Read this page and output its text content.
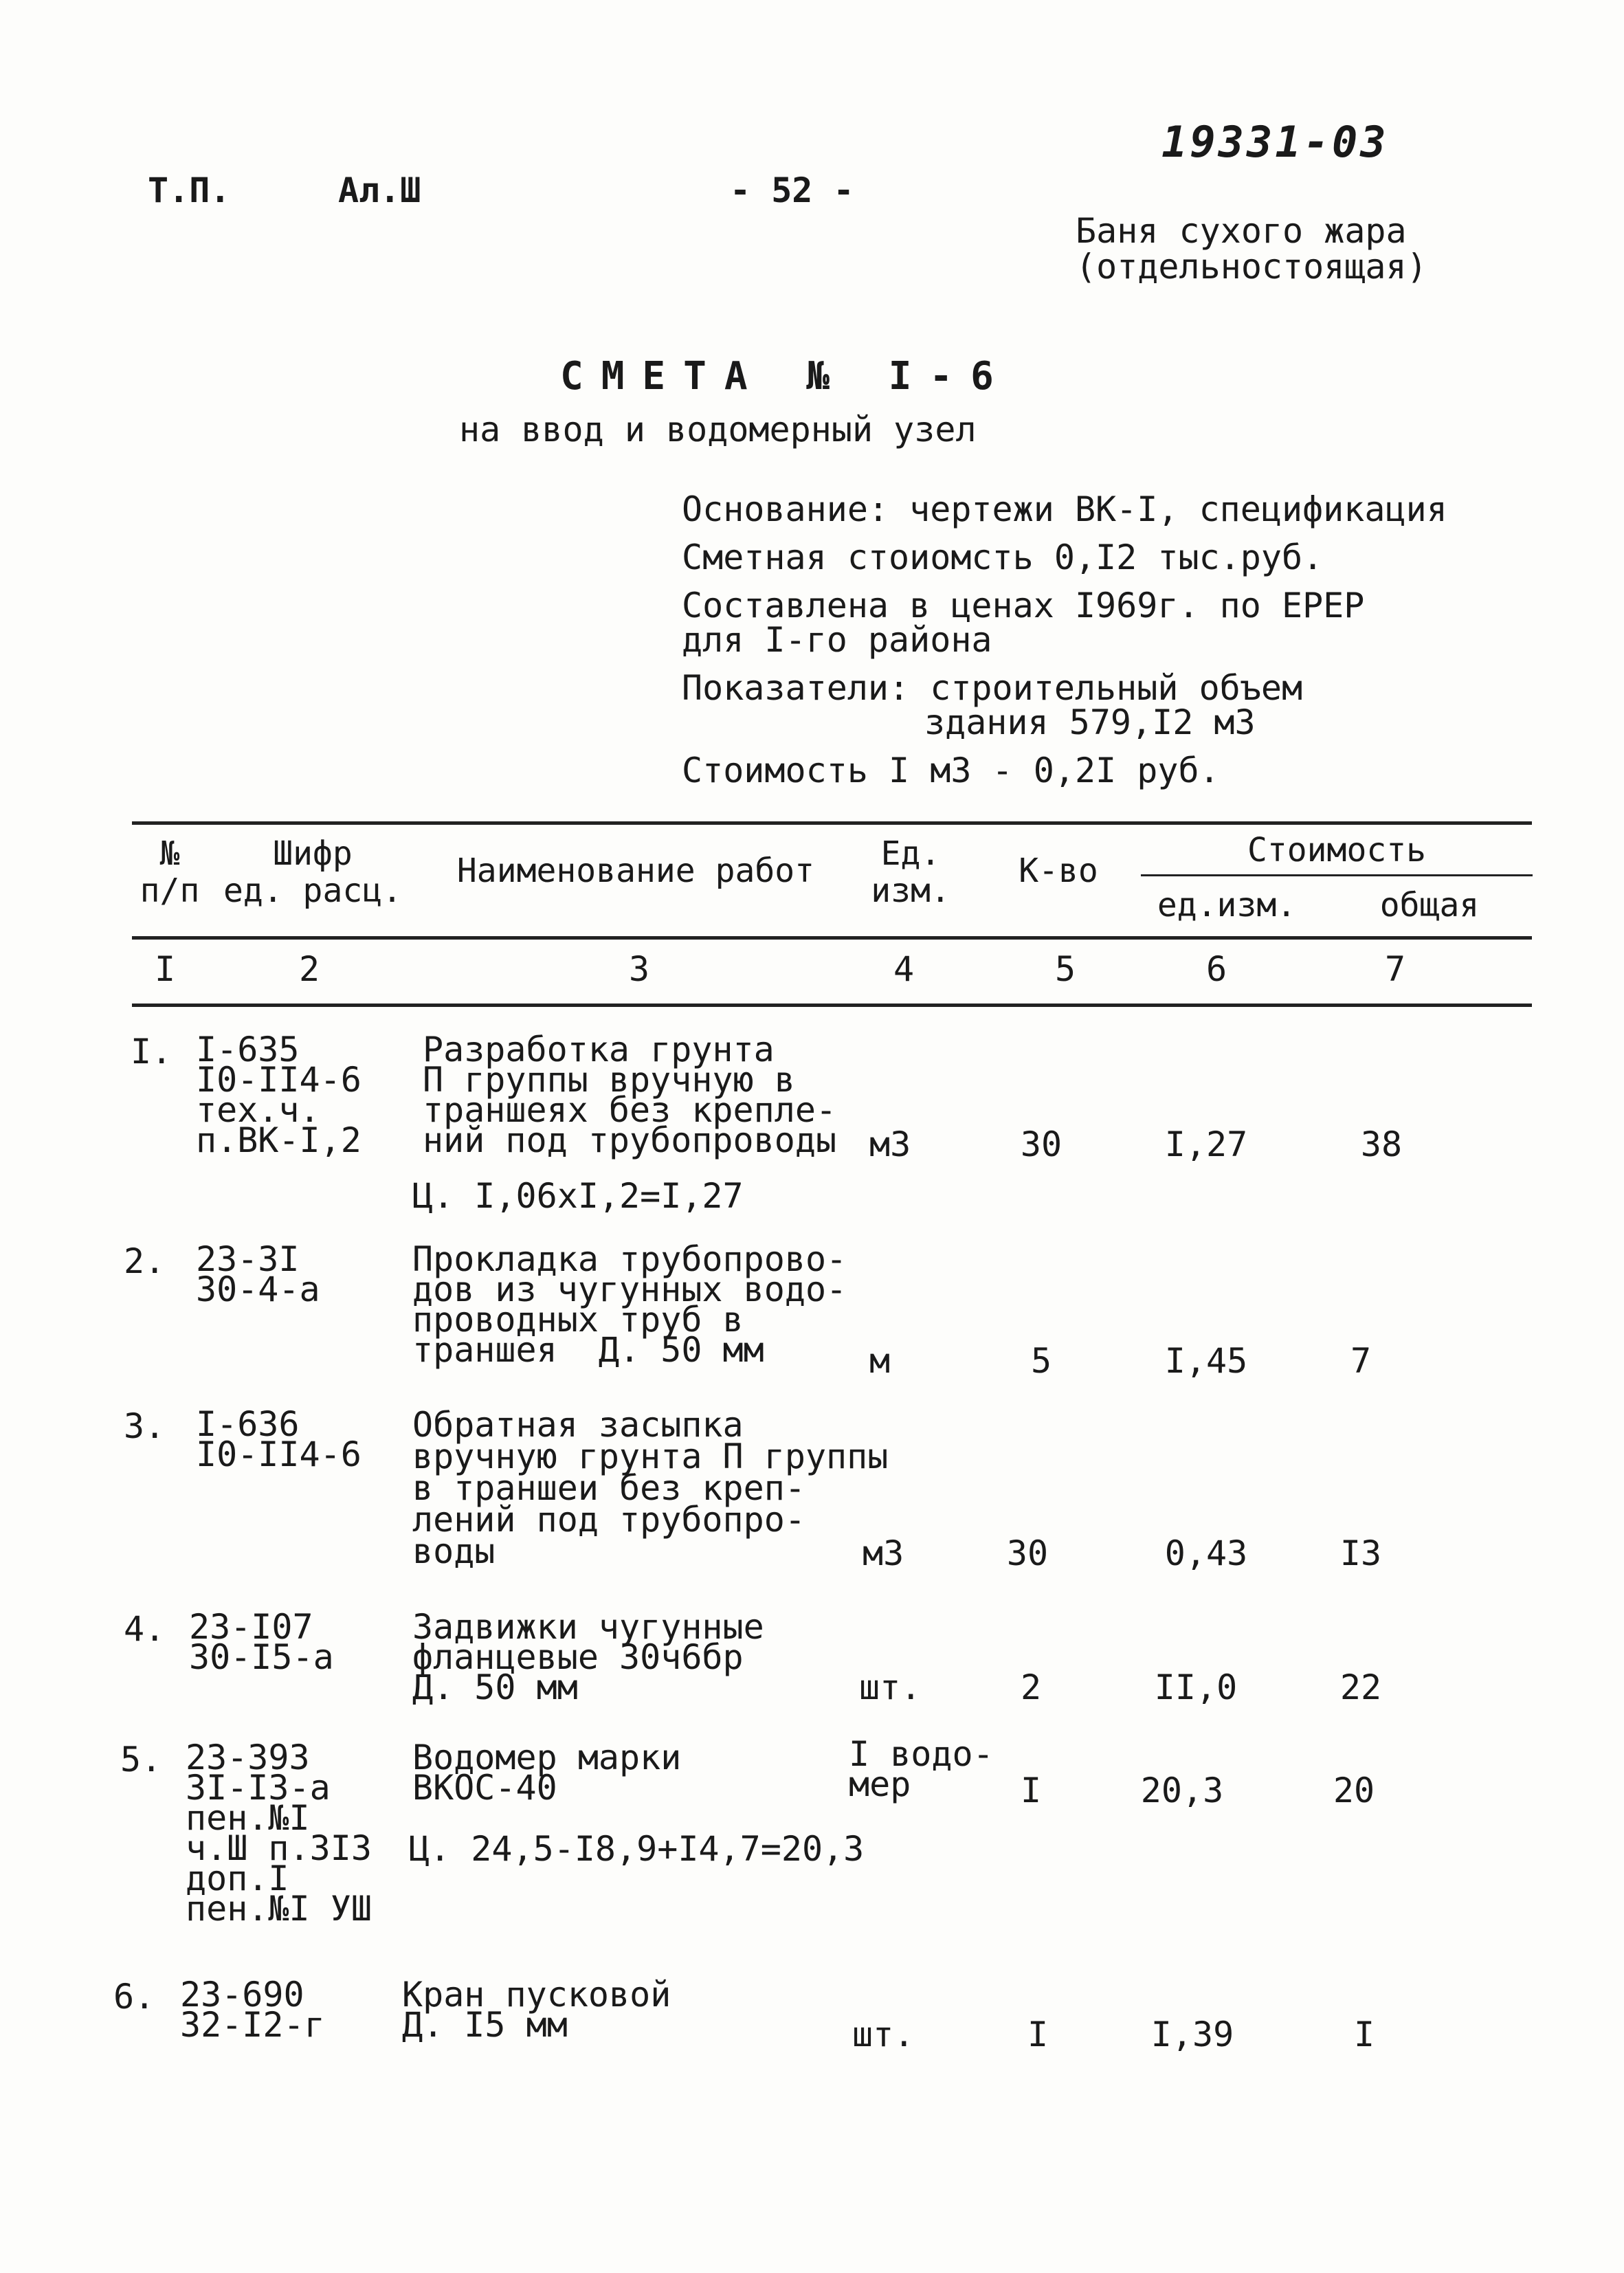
Т.П.	Ал.Ш	- 52 -
19331-03
Баня сухого жара
(отдельностоящая)
СМЕТА № I-6
на ввод и водомерный узел
Основание: чертежи ВК-I, спецификация
Сметная стоиомсть 0,I2 тыс.руб.
Составлена в ценах I969г. по ЕРЕР
для I-го района
Показатели: строительный объем
здания 579,I2 м3
Стоимость I м3 - 0,2I руб.
№
п/п
Шифр
ед. расц.
Наименование работ	Ед.
изм.
К-во
Стоимость
ед.изм.	общая
I	2	3	4	5	6	7
I. I-635
I0-II4-6
тех.ч.
п.ВК-I,2
Разработка грунта
П группы вручную в
траншеях без крепле-
ний под трубопроводы
Ц. I,06хI,2=I,27
м3	30	I,27	38
2. 23-3I
30-4-а
Прокладка трубопрово-
дов из чугунных водо-
проводных труб в
траншея  Д. 50 мм	м	5	I,45	7
3. I-636
I0-II4-6
Обратная засыпка
вручную грунта П группы
в траншеи без креп-
лений под трубопро-
воды	м3	30	0,43	I3
4. 23-I07
30-I5-а
Задвижки чугунные
фланцевые 30ч6бр
Д. 50 мм	шт.	2	II,0	22
5. 23-393
3I-I3-а
пен.№I
ч.Ш п.3I3
доп.I
пен.№I УШ
Водомер марки
ВКОС-40
Ц. 24,5-I8,9+I4,7=20,3
I водо-
мер	I	20,3	20
6. 23-690
32-I2-г
Кран пусковой
Д. I5 мм	шт.	I	I,39	I
